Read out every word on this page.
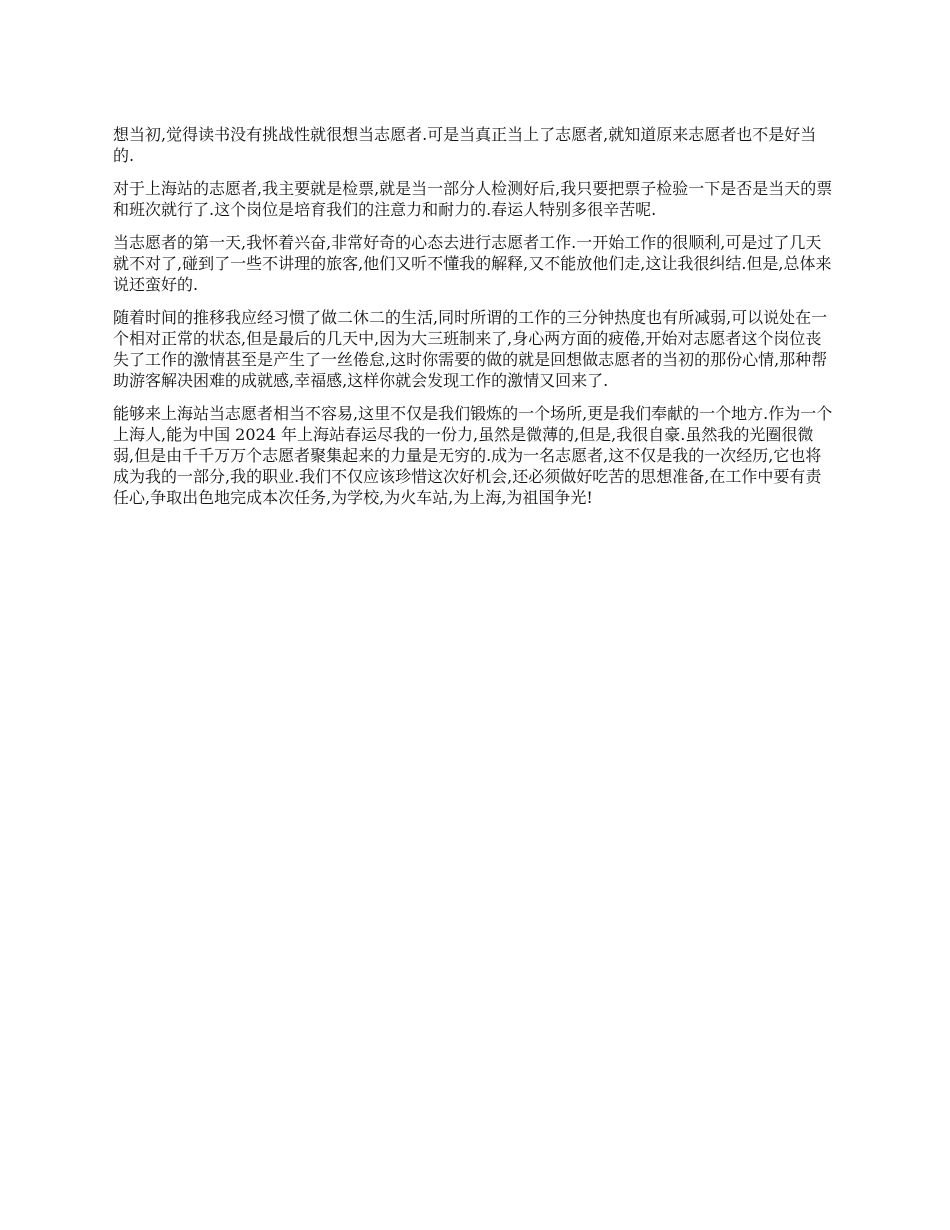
想当初,觉得读书没有挑战性就很想当志愿者.可是当真正当上了志愿者,就知道原来志愿者也不是好当的.

对于上海站的志愿者,我主要就是检票,就是当一部分人检测好后,我只要把票子检验一下是否是当天的票和班次就行了.这个岗位是培育我们的注意力和耐力的.春运人特别多很辛苦呢.

当志愿者的第一天,我怀着兴奋,非常好奇的心态去进行志愿者工作.一开始工作的很顺利,可是过了几天就不对了,碰到了一些不讲理的旅客,他们又听不懂我的解释,又不能放他们走,这让我很纠结.但是,总体来说还蛮好的.

随着时间的推移我应经习惯了做二休二的生活,同时所谓的工作的三分钟热度也有所减弱,可以说处在一个相对正常的状态,但是最后的几天中,因为大三班制来了,身心两方面的疲倦,开始对志愿者这个岗位丧失了工作的激情甚至是产生了一丝倦怠,这时你需要的做的就是回想做志愿者的当初的那份心情,那种帮助游客解决困难的成就感,幸福感,这样你就会发现工作的激情又回来了.

能够来上海站当志愿者相当不容易,这里不仅是我们锻炼的一个场所,更是我们奉献的一个地方.作为一个上海人,能为中国 2024 年上海站春运尽我的一份力,虽然是微薄的,但是,我很自豪.虽然我的光圈很微弱,但是由千千万万个志愿者聚集起来的力量是无穷的.成为一名志愿者,这不仅是我的一次经历,它也将成为我的一部分,我的职业.我们不仅应该珍惜这次好机会,还必须做好吃苦的思想准备,在工作中要有责任心,争取出色地完成本次任务,为学校,为火车站,为上海,为祖国争光!
